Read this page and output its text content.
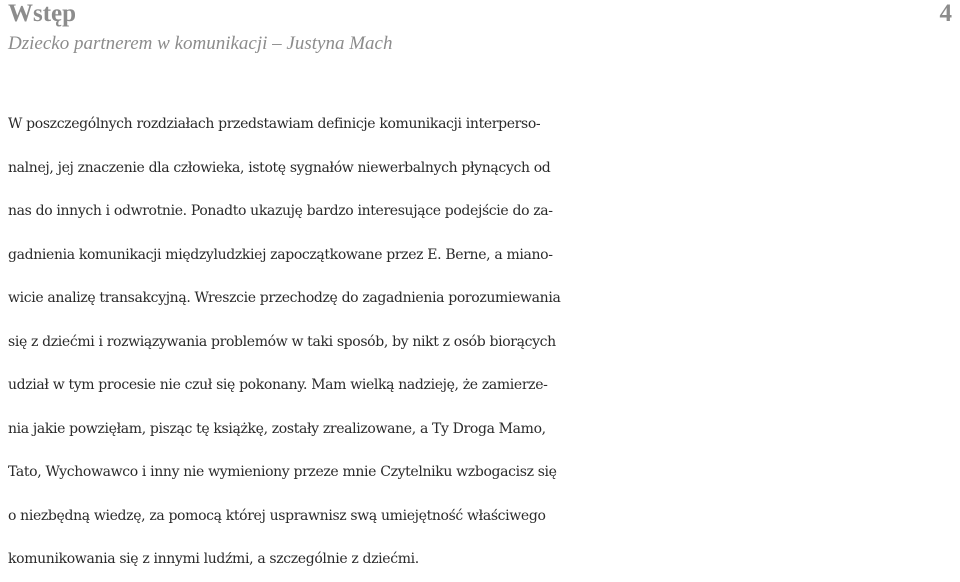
Wstęp
Dziecko partnerem w komunikacji – Justyna Mach
4
W poszczególnych rozdziałach przedstawiam definicje komunikacji interperso-
nalnej, jej znaczenie dla człowieka, istotę sygnałów niewerbalnych płynących od
nas do innych i odwrotnie. Ponadto ukazuję bardzo interesujące podejście do za-
gadnienia komunikacji międzyludzkiej zapoczątkowane przez E. Berne, a miano-
wicie analizę transakcyjną. Wreszcie przechodzę do zagadnienia porozumiewania
się z dziećmi i rozwiązywania problemów w taki sposób, by nikt z osób biorących
udział w tym procesie nie czuł się pokonany. Mam wielką nadzieję, że zamierze-
nia jakie powzięłam, pisząc tę książkę, zostały zrealizowane, a Ty Droga Mamo,
Tato, Wychowawco i inny nie wymieniony przeze mnie Czytelniku wzbogacisz się
o niezbędną wiedzę, za pomocą której usprawnisz swą umiejętność właściwego
komunikowania się z innymi ludźmi, a szczególnie z dziećmi.
